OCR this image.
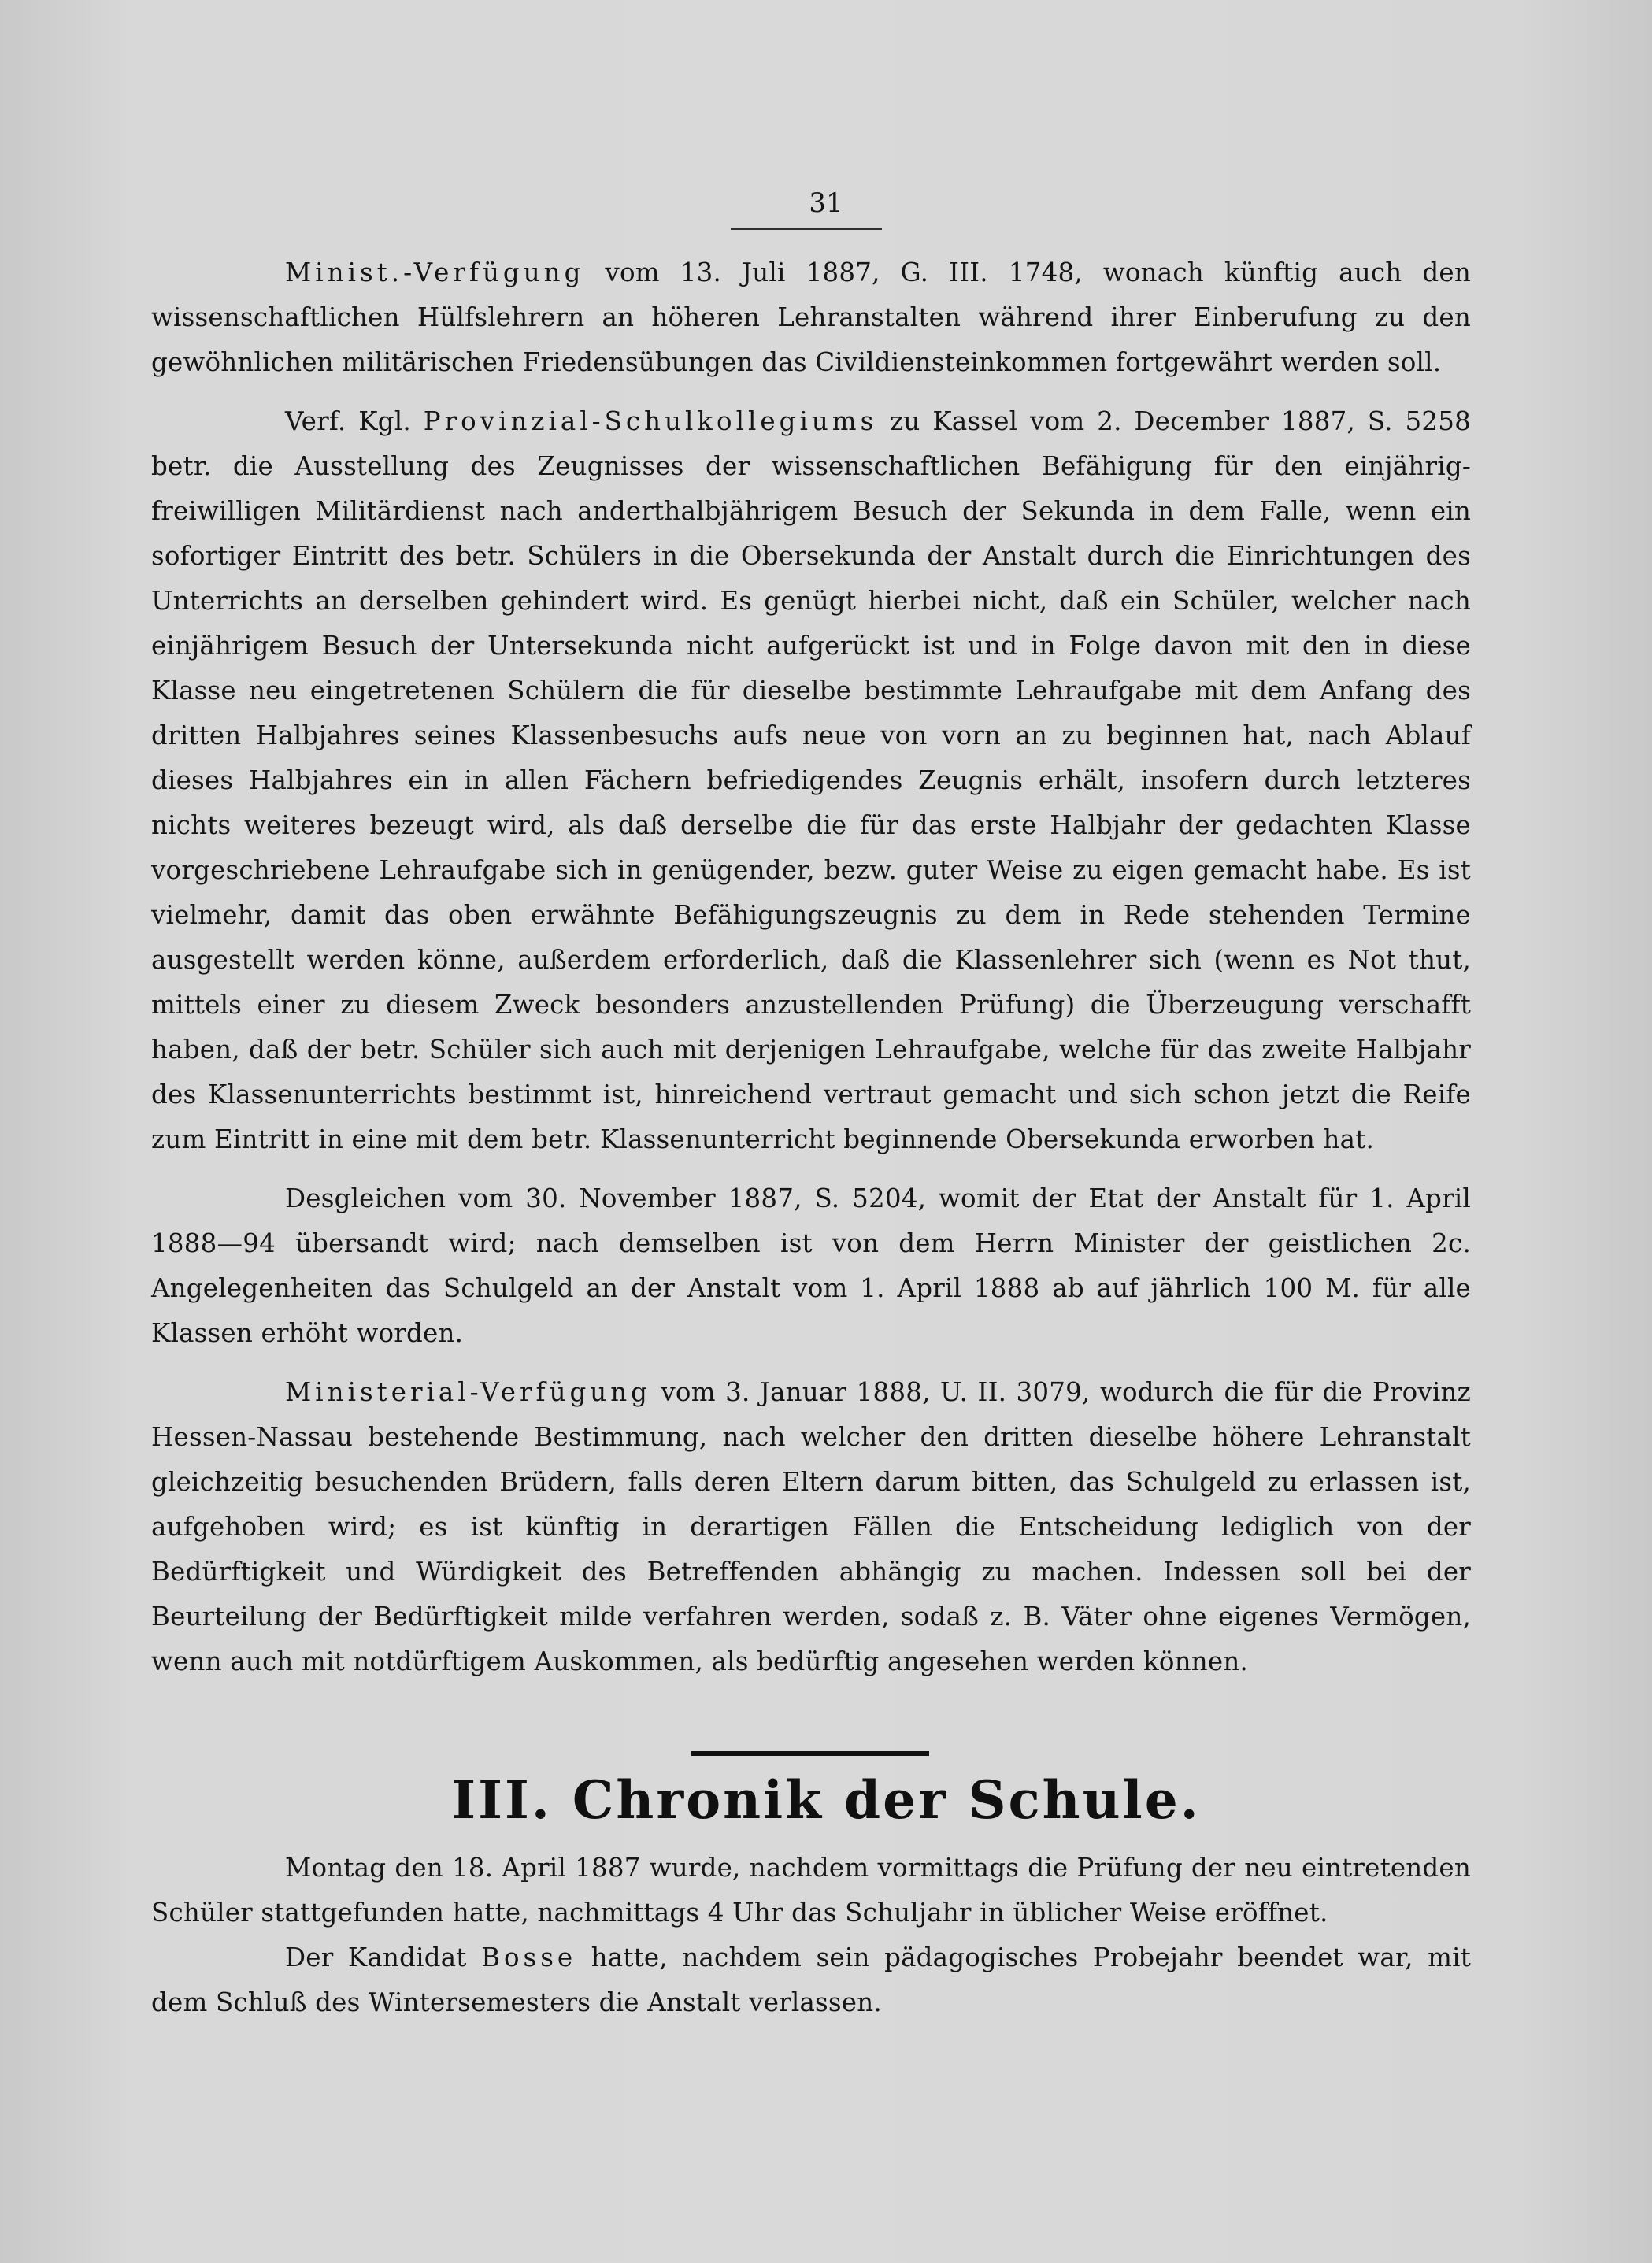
31

Minist.-Verfügung vom 13. Juli 1887, G. III. 1748, wonach künftig auch den wissenschaftlichen Hülfslehrern an höheren Lehranstalten während ihrer Einberufung zu den gewöhnlichen militärischen Friedensübungen das Civildiensteinkommen fortgewährt werden soll.

Verf. Kgl. Provinzial-Schulkollegiums zu Kassel vom 2. December 1887, S. 5258 betr. die Ausstellung des Zeugnisses der wissenschaftlichen Befähigung für den einjährig-freiwilligen Militärdienst nach anderthalbjährigem Besuch der Sekunda in dem Falle, wenn ein sofortiger Eintritt des betr. Schülers in die Obersekunda der Anstalt durch die Einrichtungen des Unterrichts an derselben gehindert wird. Es genügt hierbei nicht, daß ein Schüler, welcher nach einjährigem Besuch der Untersekunda nicht aufgerückt ist und in Folge davon mit den in diese Klasse neu eingetretenen Schülern die für dieselbe bestimmte Lehraufgabe mit dem Anfang des dritten Halbjahres seines Klassenbesuchs aufs neue von vorn an zu beginnen hat, nach Ablauf dieses Halbjahres ein in allen Fächern befriedigendes Zeugnis erhält, insofern durch letzteres nichts weiteres bezeugt wird, als daß derselbe die für das erste Halbjahr der gedachten Klasse vorgeschriebene Lehraufgabe sich in genügender, bezw. guter Weise zu eigen gemacht habe. Es ist vielmehr, damit das oben erwähnte Befähigungszeugnis zu dem in Rede stehenden Termine ausgestellt werden könne, außerdem erforderlich, daß die Klassenlehrer sich (wenn es Not thut, mittels einer zu diesem Zweck besonders anzustellenden Prüfung) die Überzeugung verschafft haben, daß der betr. Schüler sich auch mit derjenigen Lehraufgabe, welche für das zweite Halbjahr des Klassenunterrichts bestimmt ist, hinreichend vertraut gemacht und sich schon jetzt die Reife zum Eintritt in eine mit dem betr. Klassenunterricht beginnende Obersekunda erworben hat.

Desgleichen vom 30. November 1887, S. 5204, womit der Etat der Anstalt für 1. April 1888—94 übersandt wird; nach demselben ist von dem Herrn Minister der geistlichen 2c. Angelegenheiten das Schulgeld an der Anstalt vom 1. April 1888 ab auf jährlich 100 M. für alle Klassen erhöht worden.

Ministerial-Verfügung vom 3. Januar 1888, U. II. 3079, wodurch die für die Provinz Hessen-Nassau bestehende Bestimmung, nach welcher den dritten dieselbe höhere Lehranstalt gleichzeitig besuchenden Brüdern, falls deren Eltern darum bitten, das Schulgeld zu erlassen ist, aufgehoben wird; es ist künftig in derartigen Fällen die Entscheidung lediglich von der Bedürftigkeit und Würdigkeit des Betreffenden abhängig zu machen. Indessen soll bei der Beurteilung der Bedürftigkeit milde verfahren werden, sodaß z. B. Väter ohne eigenes Vermögen, wenn auch mit notdürftigem Auskommen, als bedürftig angesehen werden können.

III. Chronik der Schule.

Montag den 18. April 1887 wurde, nachdem vormittags die Prüfung der neu eintretenden Schüler stattgefunden hatte, nachmittags 4 Uhr das Schuljahr in üblicher Weise eröffnet.

Der Kandidat Bosse hatte, nachdem sein pädagogisches Probejahr beendet war, mit dem Schluß des Wintersemesters die Anstalt verlassen.
